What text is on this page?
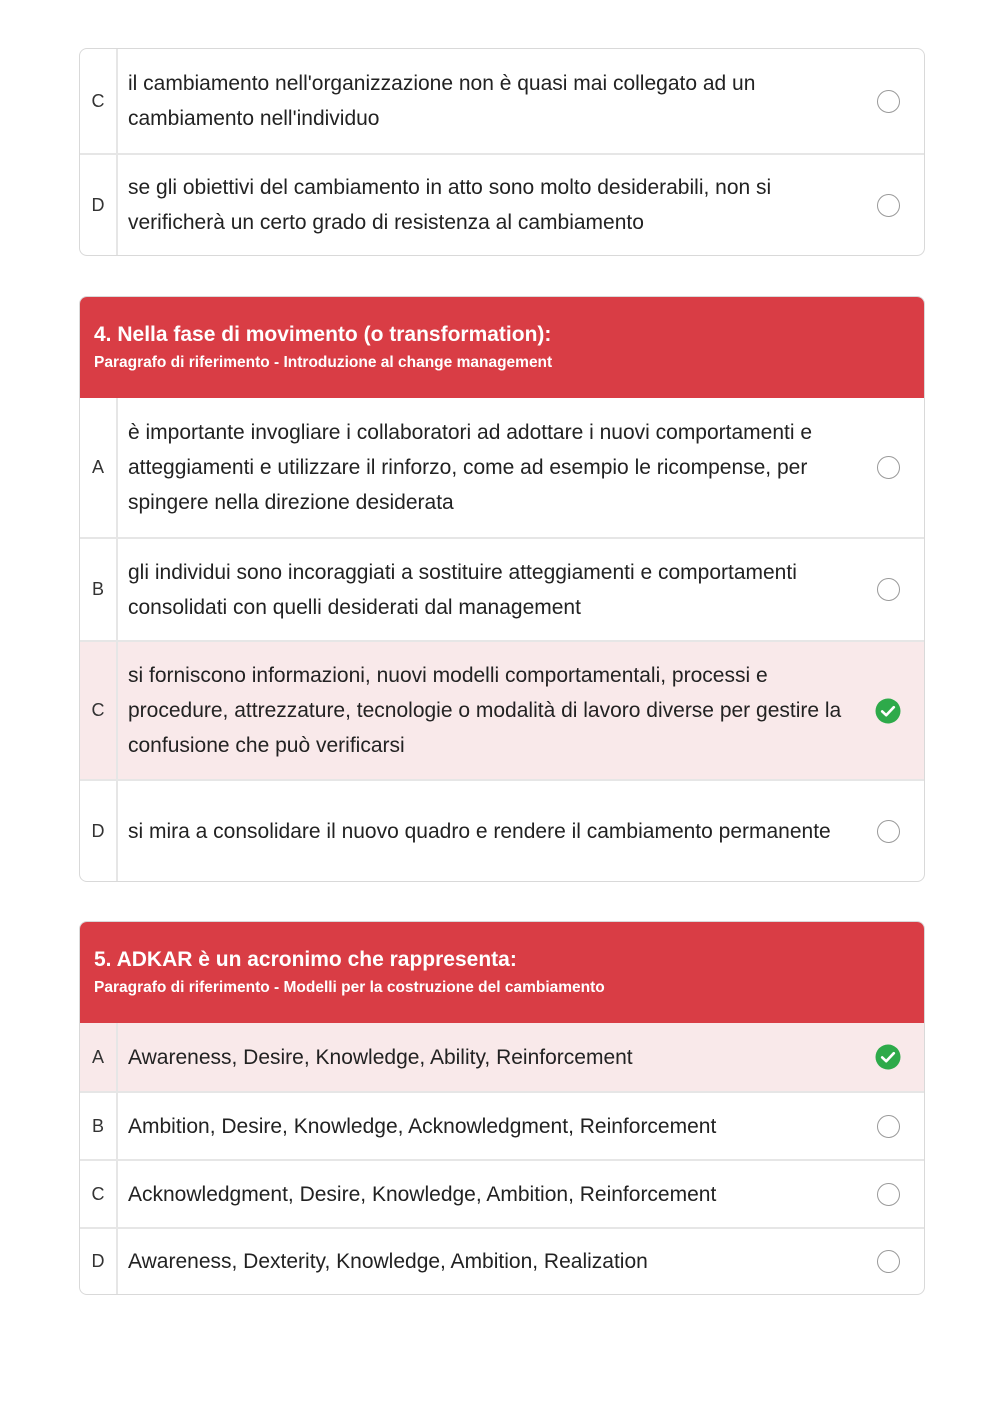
C
il cambiamento nell'organizzazione non è quasi mai collegato ad un cambiamento nell'individuo
D
se gli obiettivi del cambiamento in atto sono molto desiderabili, non si verificherà un certo grado di resistenza al cambiamento
4. Nella fase di movimento (o transformation):
Paragrafo di riferimento - Introduzione al change management
A
è importante invogliare i collaboratori ad adottare i nuovi comportamenti e atteggiamenti e utilizzare il rinforzo, come ad esempio le ricompense, per spingere nella direzione desiderata
B
gli individui sono incoraggiati a sostituire atteggiamenti e comportamenti consolidati con quelli desiderati dal management
C
si forniscono informazioni, nuovi modelli comportamentali, processi e procedure, attrezzature, tecnologie o modalità di lavoro diverse per gestire la confusione che può verificarsi
D	si mira a consolidare il nuovo quadro e rendere il cambiamento permanente
5. ADKAR è un acronimo che rappresenta:
Paragrafo di riferimento - Modelli per la costruzione del cambiamento
A	Awareness, Desire, Knowledge, Ability, Reinforcement
B	Ambition, Desire, Knowledge, Acknowledgment, Reinforcement
C	Acknowledgment, Desire, Knowledge, Ambition, Reinforcement
D	Awareness, Dexterity, Knowledge, Ambition, Realization
